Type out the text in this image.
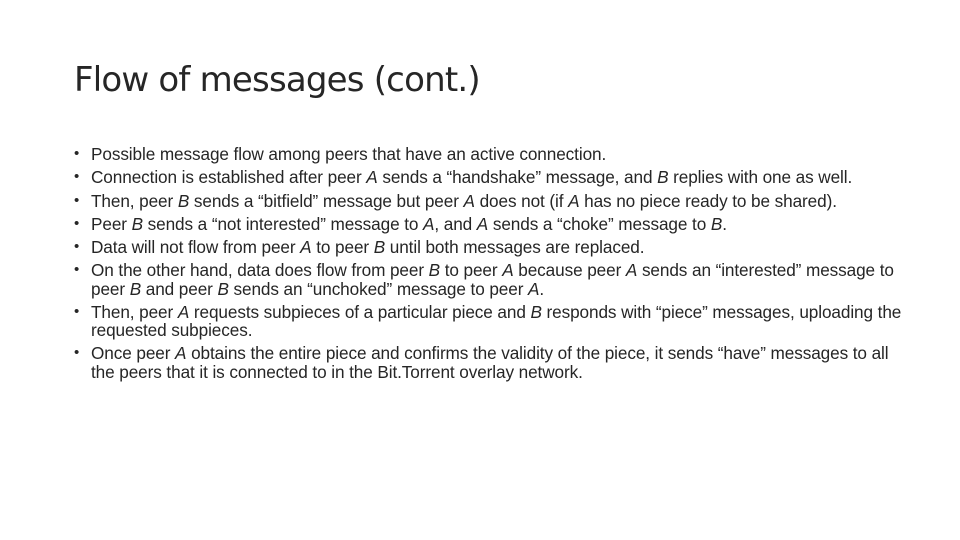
Flow of messages (cont.)
• Possible message flow among peers that have an active connection.
• Connection is established after peer A sends a “handshake” message, and B replies with one as well.
• Then, peer B sends a “bitfield” message but peer A does not (if A has no piece ready to be shared).
• Peer B sends a “not interested” message to A, and A sends a “choke” message to B.
• Data will not flow from peer A to peer B until both messages are replaced.
• On the other hand, data does flow from peer B to peer A because peer A sends an “interested” message to peer B and peer B sends an “unchoked” message to peer A.
• Then, peer A requests subpieces of a particular piece and B responds with “piece” messages, uploading the requested subpieces.
• Once peer A obtains the entire piece and confirms the validity of the piece, it sends “have” messages to all the peers that it is connected to in the Bit.Torrent overlay network.
